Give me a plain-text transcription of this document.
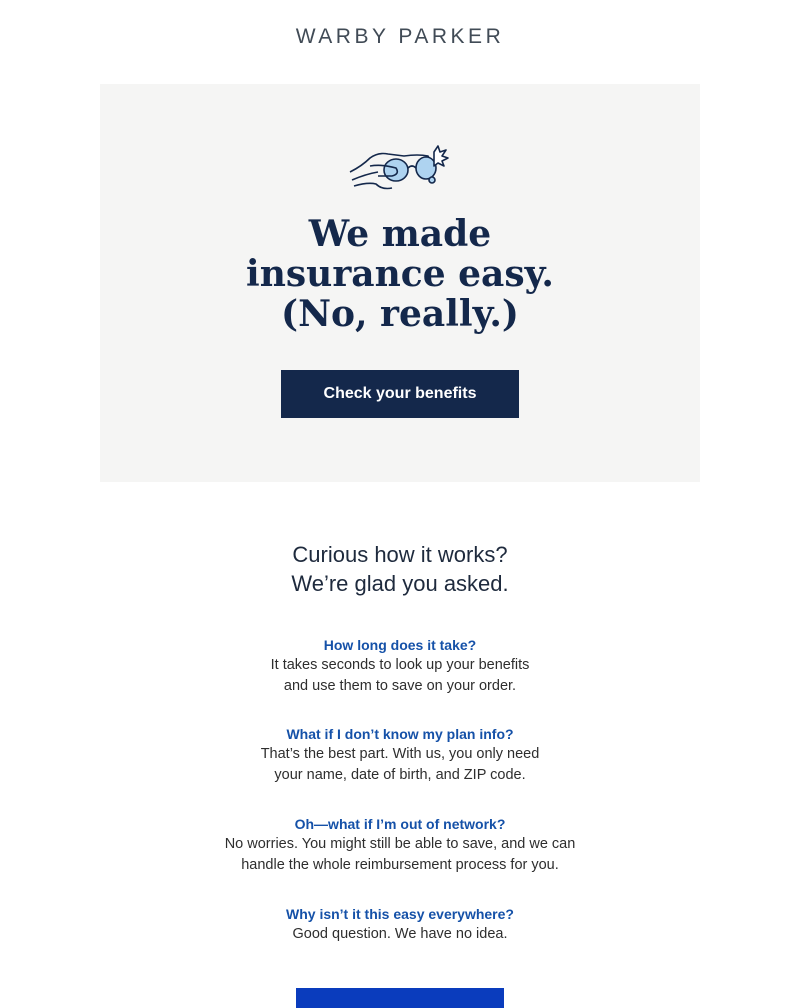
WARBY PARKER
We made
insurance easy.
(No, really.)
Check your benefits
Curious how it works?
We’re glad you asked.
How long does it take?
It takes seconds to look up your benefits
and use them to save on your order.
What if I don’t know my plan info?
That’s the best part. With us, you only need
your name, date of birth, and ZIP code.
Oh—what if I’m out of network?
No worries. You might still be able to save, and we can
handle the whole reimbursement process for you.
Why isn’t it this easy everywhere?
Good question. We have no idea.
